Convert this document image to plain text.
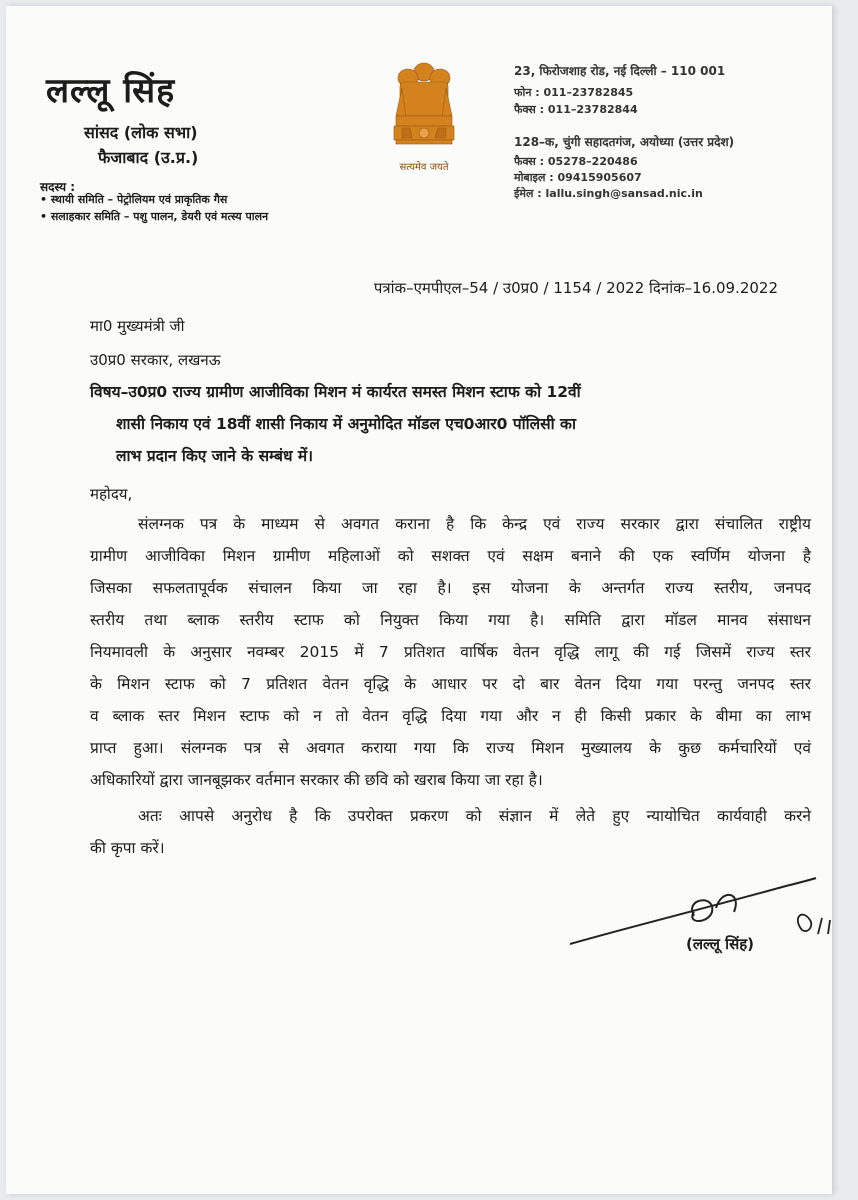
लल्लू सिंह
सांसद (लोक सभा)
फैजाबाद (उ.प्र.)
सदस्य :
• स्थायी समिति – पेट्रोलियम एवं प्राकृतिक गैस
• सलाहकार समिति – पशु पालन, डेयरी एवं मत्स्य पालन
सत्यमेव जयते
23, फिरोजशाह रोड, नई दिल्ली – 110 001
फोन : 011–23782845
फैक्स : 011–23782844
128–क, चुंगी सहादतगंज, अयोध्या (उत्तर प्रदेश)
फैक्स : 05278–220486
मोबाइल : 09415905607
ईमेल : lallu.singh@sansad.nic.in
पत्रांक–एमपीएल–54 / उ0प्र0 / 1154 / 2022 दिनांक–16.09.2022
मा0 मुख्यमंत्री जी
उ0प्र0 सरकार, लखनऊ
विषय–उ0प्र0 राज्य ग्रामीण आजीविका मिशन मं कार्यरत समस्त मिशन स्टाफ को 12वीं
शासी निकाय एवं 18वीं शासी निकाय में अनुमोदित मॉडल एच0आर0 पॉलिसी का
लाभ प्रदान किए जाने के सम्बंध में।
महोदय,
संलग्नक पत्र के माध्यम से अवगत कराना है कि केन्द्र एवं राज्य सरकार द्वारा संचालित राष्ट्रीय
ग्रामीण आजीविका मिशन ग्रामीण महिलाओं को सशक्त एवं सक्षम बनाने की एक स्वर्णिम योजना है
जिसका सफलतापूर्वक संचालन किया जा रहा है। इस योजना के अन्तर्गत राज्य स्तरीय, जनपद
स्तरीय तथा ब्लाक स्तरीय स्टाफ को नियुक्त किया गया है। समिति द्वारा मॉडल मानव संसाधन
नियमावली के अनुसार नवम्बर 2015 में 7 प्रतिशत वार्षिक वेतन वृद्धि लागू की गई जिसमें राज्य स्तर
के मिशन स्टाफ को 7 प्रतिशत वेतन वृद्धि के आधार पर दो बार वेतन दिया गया परन्तु जनपद स्तर
व ब्लाक स्तर मिशन स्टाफ को न तो वेतन वृद्धि दिया गया और न ही किसी प्रकार के बीमा का लाभ
प्राप्त हुआ। संलग्नक पत्र से अवगत कराया गया कि राज्य मिशन मुख्यालय के कुछ कर्मचारियों एवं
अधिकारियों द्वारा जानबूझकर वर्तमान सरकार की छवि को खराब किया जा रहा है।
अतः आपसे अनुरोध है कि उपरोक्त प्रकरण को संज्ञान में लेते हुए न्यायोचित कार्यवाही करने
की कृपा करें।
(लल्लू सिंह)
